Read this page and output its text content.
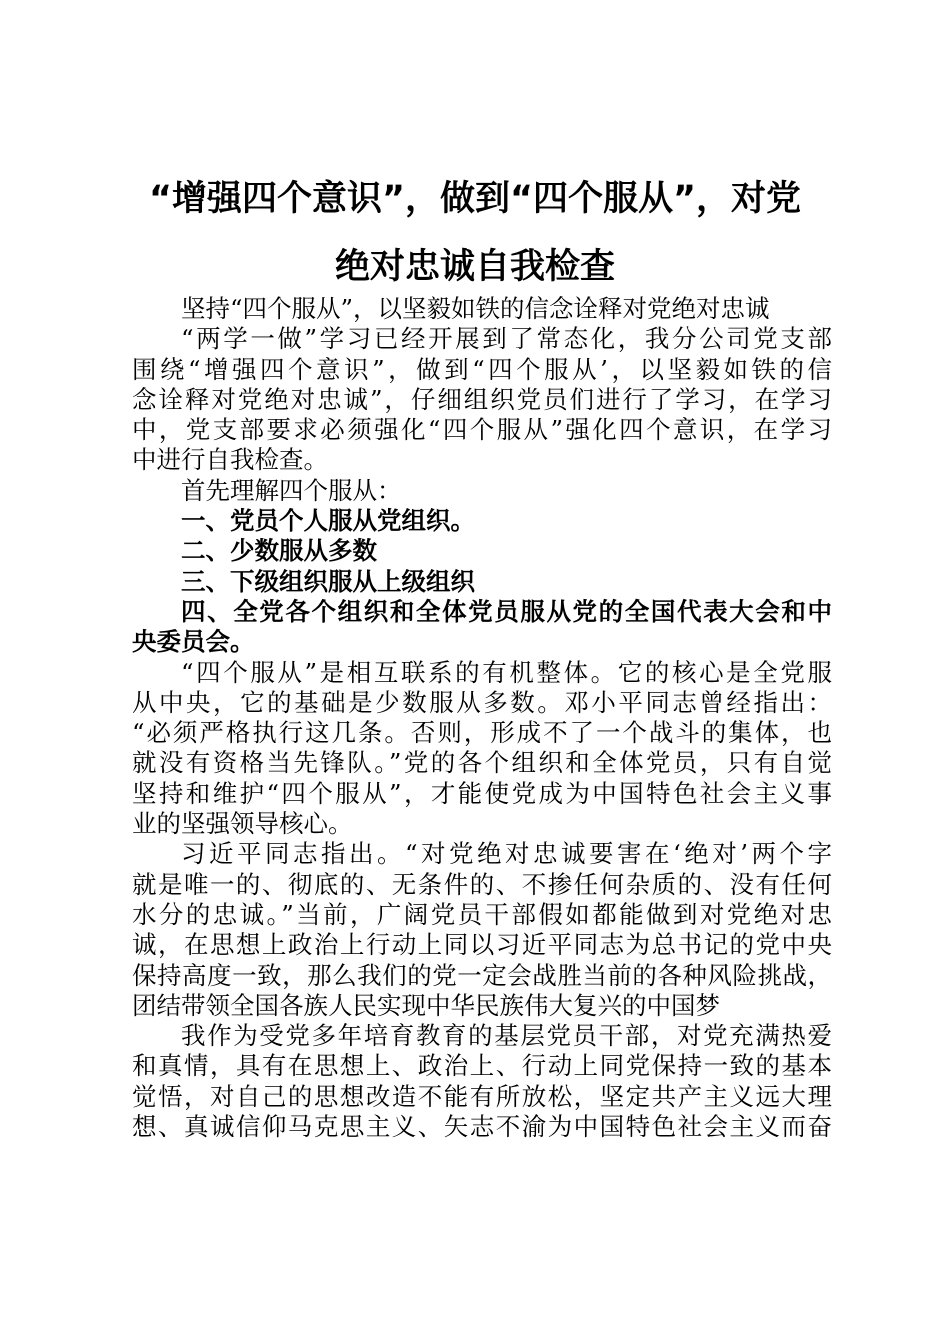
“增强四个意识”，做到“四个服从”，对党
绝对忠诚自我检查
坚持“四个服从”，以坚毅如铁的信念诠释对党绝对忠诚
“两学一做”学习已经开展到了常态化，我分公司党支部
围绕“增强四个意识”，做到“四个服从’，以坚毅如铁的信
念诠释对党绝对忠诚”，仔细组织党员们进行了学习，在学习
中，党支部要求必须强化“四个服从”强化四个意识，在学习
中进行自我检查。
首先理解四个服从：
一、党员个人服从党组织。
二、少数服从多数
三、下级组织服从上级组织
四、全党各个组织和全体党员服从党的全国代表大会和中
央委员会。
“四个服从”是相互联系的有机整体。它的核心是全党服
从中央，它的基础是少数服从多数。邓小平同志曾经指出：
“必须严格执行这几条。否则，形成不了一个战斗的集体，也
就没有资格当先锋队。”党的各个组织和全体党员，只有自觉
坚持和维护“四个服从”，才能使党成为中国特色社会主义事
业的坚强领导核心。
习近平同志指出。“对党绝对忠诚要害在‘绝对’两个字
就是唯一的、彻底的、无条件的、不掺任何杂质的、没有任何
水分的忠诚。”当前，广阔党员干部假如都能做到对党绝对忠
诚，在思想上政治上行动上同以习近平同志为总书记的党中央
保持高度一致，那么我们的党一定会战胜当前的各种风险挑战，
团结带领全国各族人民实现中华民族伟大复兴的中国梦
我作为受党多年培育教育的基层党员干部，对党充满热爱
和真情，具有在思想上、政治上、行动上同党保持一致的基本
觉悟，对自己的思想改造不能有所放松，坚定共产主义远大理
想、真诚信仰马克思主义、矢志不渝为中国特色社会主义而奋
